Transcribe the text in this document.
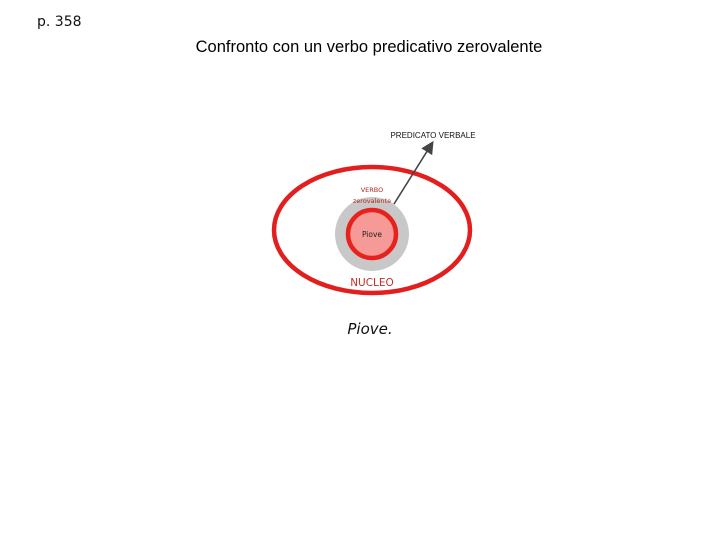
p. 358
Confronto con un verbo predicativo zerovalente
PREDICATO VERBALE
VERBO
zerovalente
Piove
NUCLEO
Piove.
